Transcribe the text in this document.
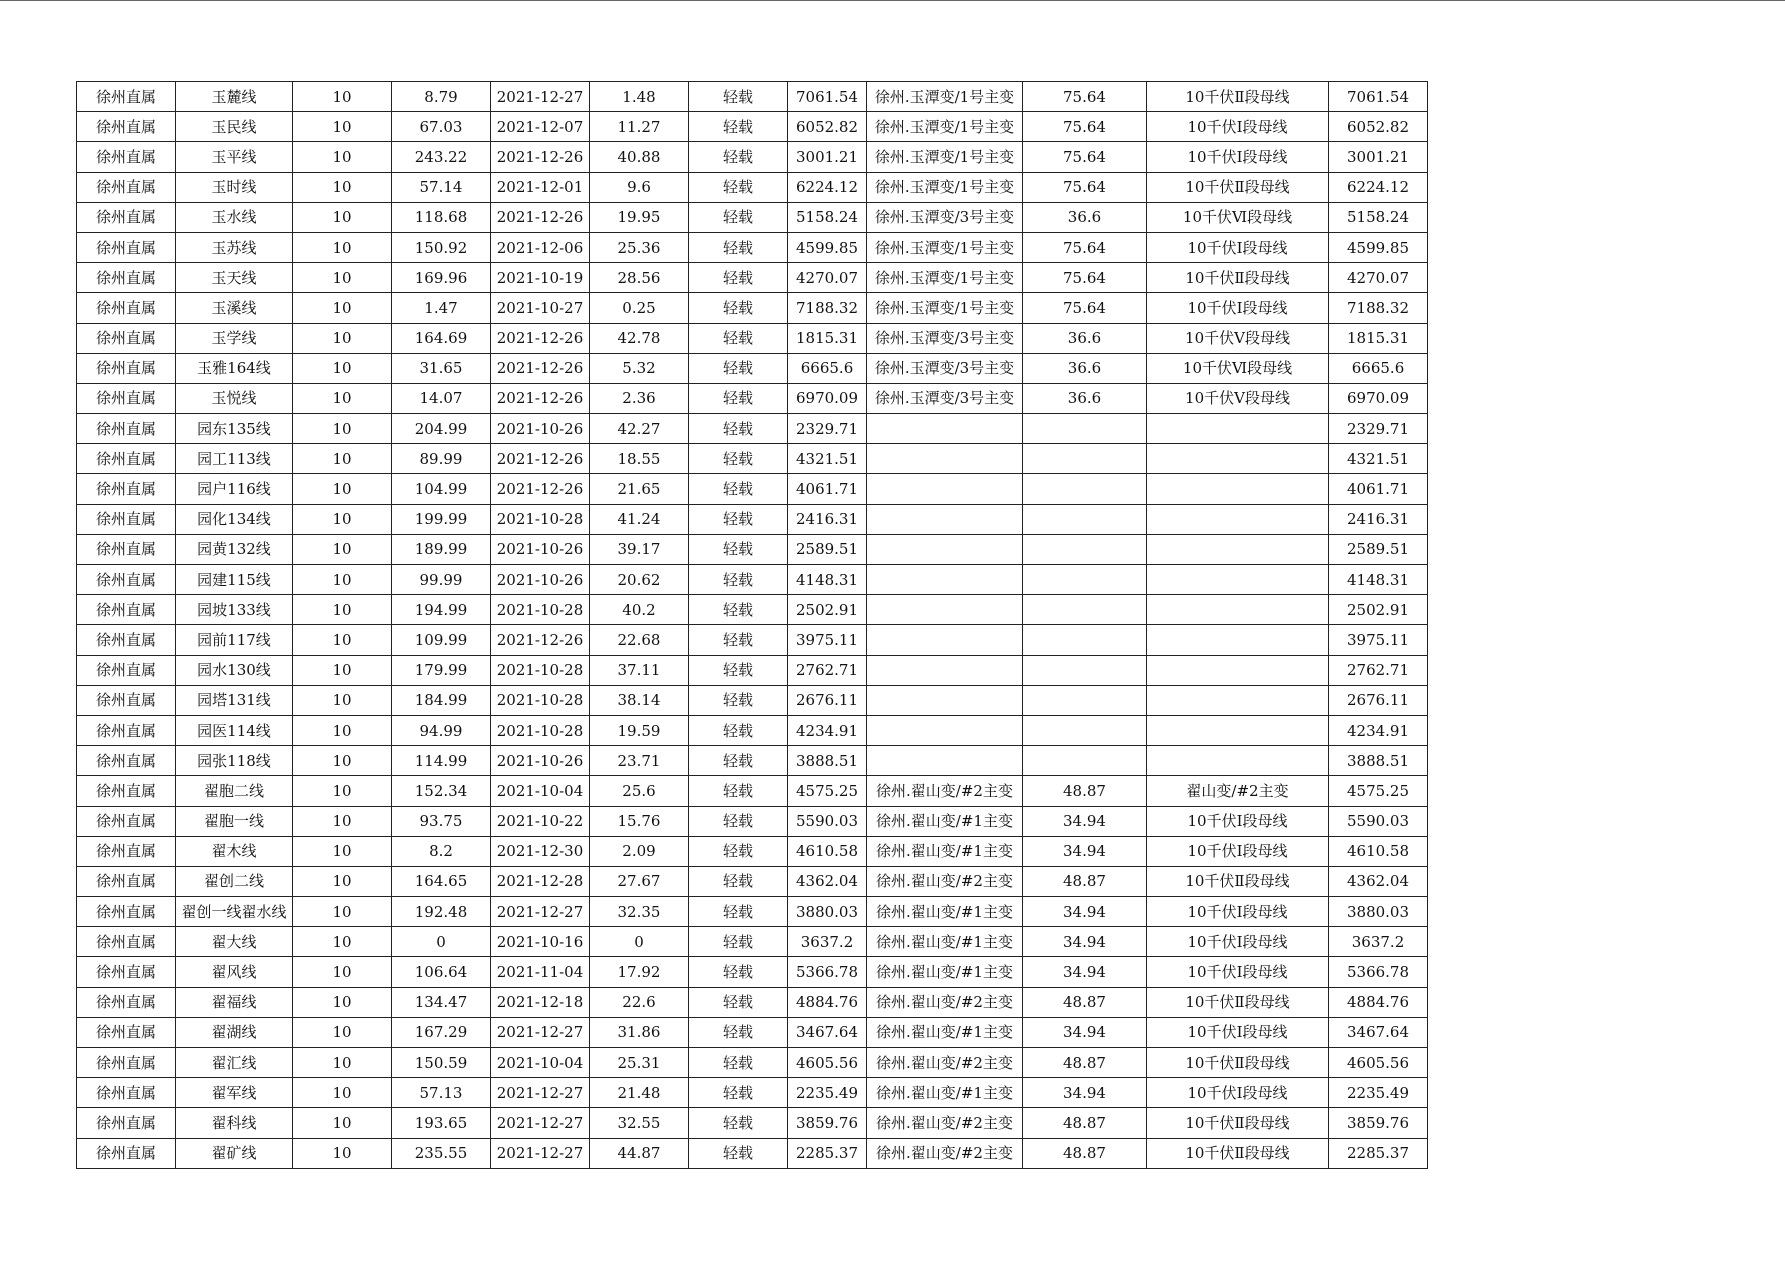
徐州直属	玉麓线	10	8.79	2021-12-27	1.48	轻载	7061.54	徐州.玉潭变/1号主变	75.64	10千伏Ⅱ段母线	7061.54
徐州直属	玉民线	10	67.03	2021-12-07	11.27	轻载	6052.82	徐州.玉潭变/1号主变	75.64	10千伏Ⅰ段母线	6052.82
徐州直属	玉平线	10	243.22	2021-12-26	40.88	轻载	3001.21	徐州.玉潭变/1号主变	75.64	10千伏Ⅰ段母线	3001.21
徐州直属	玉时线	10	57.14	2021-12-01	9.6	轻载	6224.12	徐州.玉潭变/1号主变	75.64	10千伏Ⅱ段母线	6224.12
徐州直属	玉水线	10	118.68	2021-12-26	19.95	轻载	5158.24	徐州.玉潭变/3号主变	36.6	10千伏Ⅵ段母线	5158.24
徐州直属	玉苏线	10	150.92	2021-12-06	25.36	轻载	4599.85	徐州.玉潭变/1号主变	75.64	10千伏Ⅰ段母线	4599.85
徐州直属	玉天线	10	169.96	2021-10-19	28.56	轻载	4270.07	徐州.玉潭变/1号主变	75.64	10千伏Ⅱ段母线	4270.07
徐州直属	玉溪线	10	1.47	2021-10-27	0.25	轻载	7188.32	徐州.玉潭变/1号主变	75.64	10千伏Ⅰ段母线	7188.32
徐州直属	玉学线	10	164.69	2021-12-26	42.78	轻载	1815.31	徐州.玉潭变/3号主变	36.6	10千伏Ⅴ段母线	1815.31
徐州直属	玉雅164线	10	31.65	2021-12-26	5.32	轻载	6665.6	徐州.玉潭变/3号主变	36.6	10千伏Ⅵ段母线	6665.6
徐州直属	玉悦线	10	14.07	2021-12-26	2.36	轻载	6970.09	徐州.玉潭变/3号主变	36.6	10千伏Ⅴ段母线	6970.09
徐州直属	园东135线	10	204.99	2021-10-26	42.27	轻载	2329.71				2329.71
徐州直属	园工113线	10	89.99	2021-12-26	18.55	轻载	4321.51				4321.51
徐州直属	园户116线	10	104.99	2021-12-26	21.65	轻载	4061.71				4061.71
徐州直属	园化134线	10	199.99	2021-10-28	41.24	轻载	2416.31				2416.31
徐州直属	园黄132线	10	189.99	2021-10-26	39.17	轻载	2589.51				2589.51
徐州直属	园建115线	10	99.99	2021-10-26	20.62	轻载	4148.31				4148.31
徐州直属	园坡133线	10	194.99	2021-10-28	40.2	轻载	2502.91				2502.91
徐州直属	园前117线	10	109.99	2021-12-26	22.68	轻载	3975.11				3975.11
徐州直属	园水130线	10	179.99	2021-10-28	37.11	轻载	2762.71				2762.71
徐州直属	园塔131线	10	184.99	2021-10-28	38.14	轻载	2676.11				2676.11
徐州直属	园医114线	10	94.99	2021-10-28	19.59	轻载	4234.91				4234.91
徐州直属	园张118线	10	114.99	2021-10-26	23.71	轻载	3888.51				3888.51
徐州直属	翟胞二线	10	152.34	2021-10-04	25.6	轻载	4575.25	徐州.翟山变/#2主变	48.87	翟山变/#2主变	4575.25
徐州直属	翟胞一线	10	93.75	2021-10-22	15.76	轻载	5590.03	徐州.翟山变/#1主变	34.94	10千伏Ⅰ段母线	5590.03
徐州直属	翟木线	10	8.2	2021-12-30	2.09	轻载	4610.58	徐州.翟山变/#1主变	34.94	10千伏Ⅰ段母线	4610.58
徐州直属	翟创二线	10	164.65	2021-12-28	27.67	轻载	4362.04	徐州.翟山变/#2主变	48.87	10千伏Ⅱ段母线	4362.04
徐州直属	翟创一线翟水线	10	192.48	2021-12-27	32.35	轻载	3880.03	徐州.翟山变/#1主变	34.94	10千伏Ⅰ段母线	3880.03
徐州直属	翟大线	10	0	2021-10-16	0	轻载	3637.2	徐州.翟山变/#1主变	34.94	10千伏Ⅰ段母线	3637.2
徐州直属	翟风线	10	106.64	2021-11-04	17.92	轻载	5366.78	徐州.翟山变/#1主变	34.94	10千伏Ⅰ段母线	5366.78
徐州直属	翟福线	10	134.47	2021-12-18	22.6	轻载	4884.76	徐州.翟山变/#2主变	48.87	10千伏Ⅱ段母线	4884.76
徐州直属	翟湖线	10	167.29	2021-12-27	31.86	轻载	3467.64	徐州.翟山变/#1主变	34.94	10千伏Ⅰ段母线	3467.64
徐州直属	翟汇线	10	150.59	2021-10-04	25.31	轻载	4605.56	徐州.翟山变/#2主变	48.87	10千伏Ⅱ段母线	4605.56
徐州直属	翟军线	10	57.13	2021-12-27	21.48	轻载	2235.49	徐州.翟山变/#1主变	34.94	10千伏Ⅰ段母线	2235.49
徐州直属	翟科线	10	193.65	2021-12-27	32.55	轻载	3859.76	徐州.翟山变/#2主变	48.87	10千伏Ⅱ段母线	3859.76
徐州直属	翟矿线	10	235.55	2021-12-27	44.87	轻载	2285.37	徐州.翟山变/#2主变	48.87	10千伏Ⅱ段母线	2285.37
